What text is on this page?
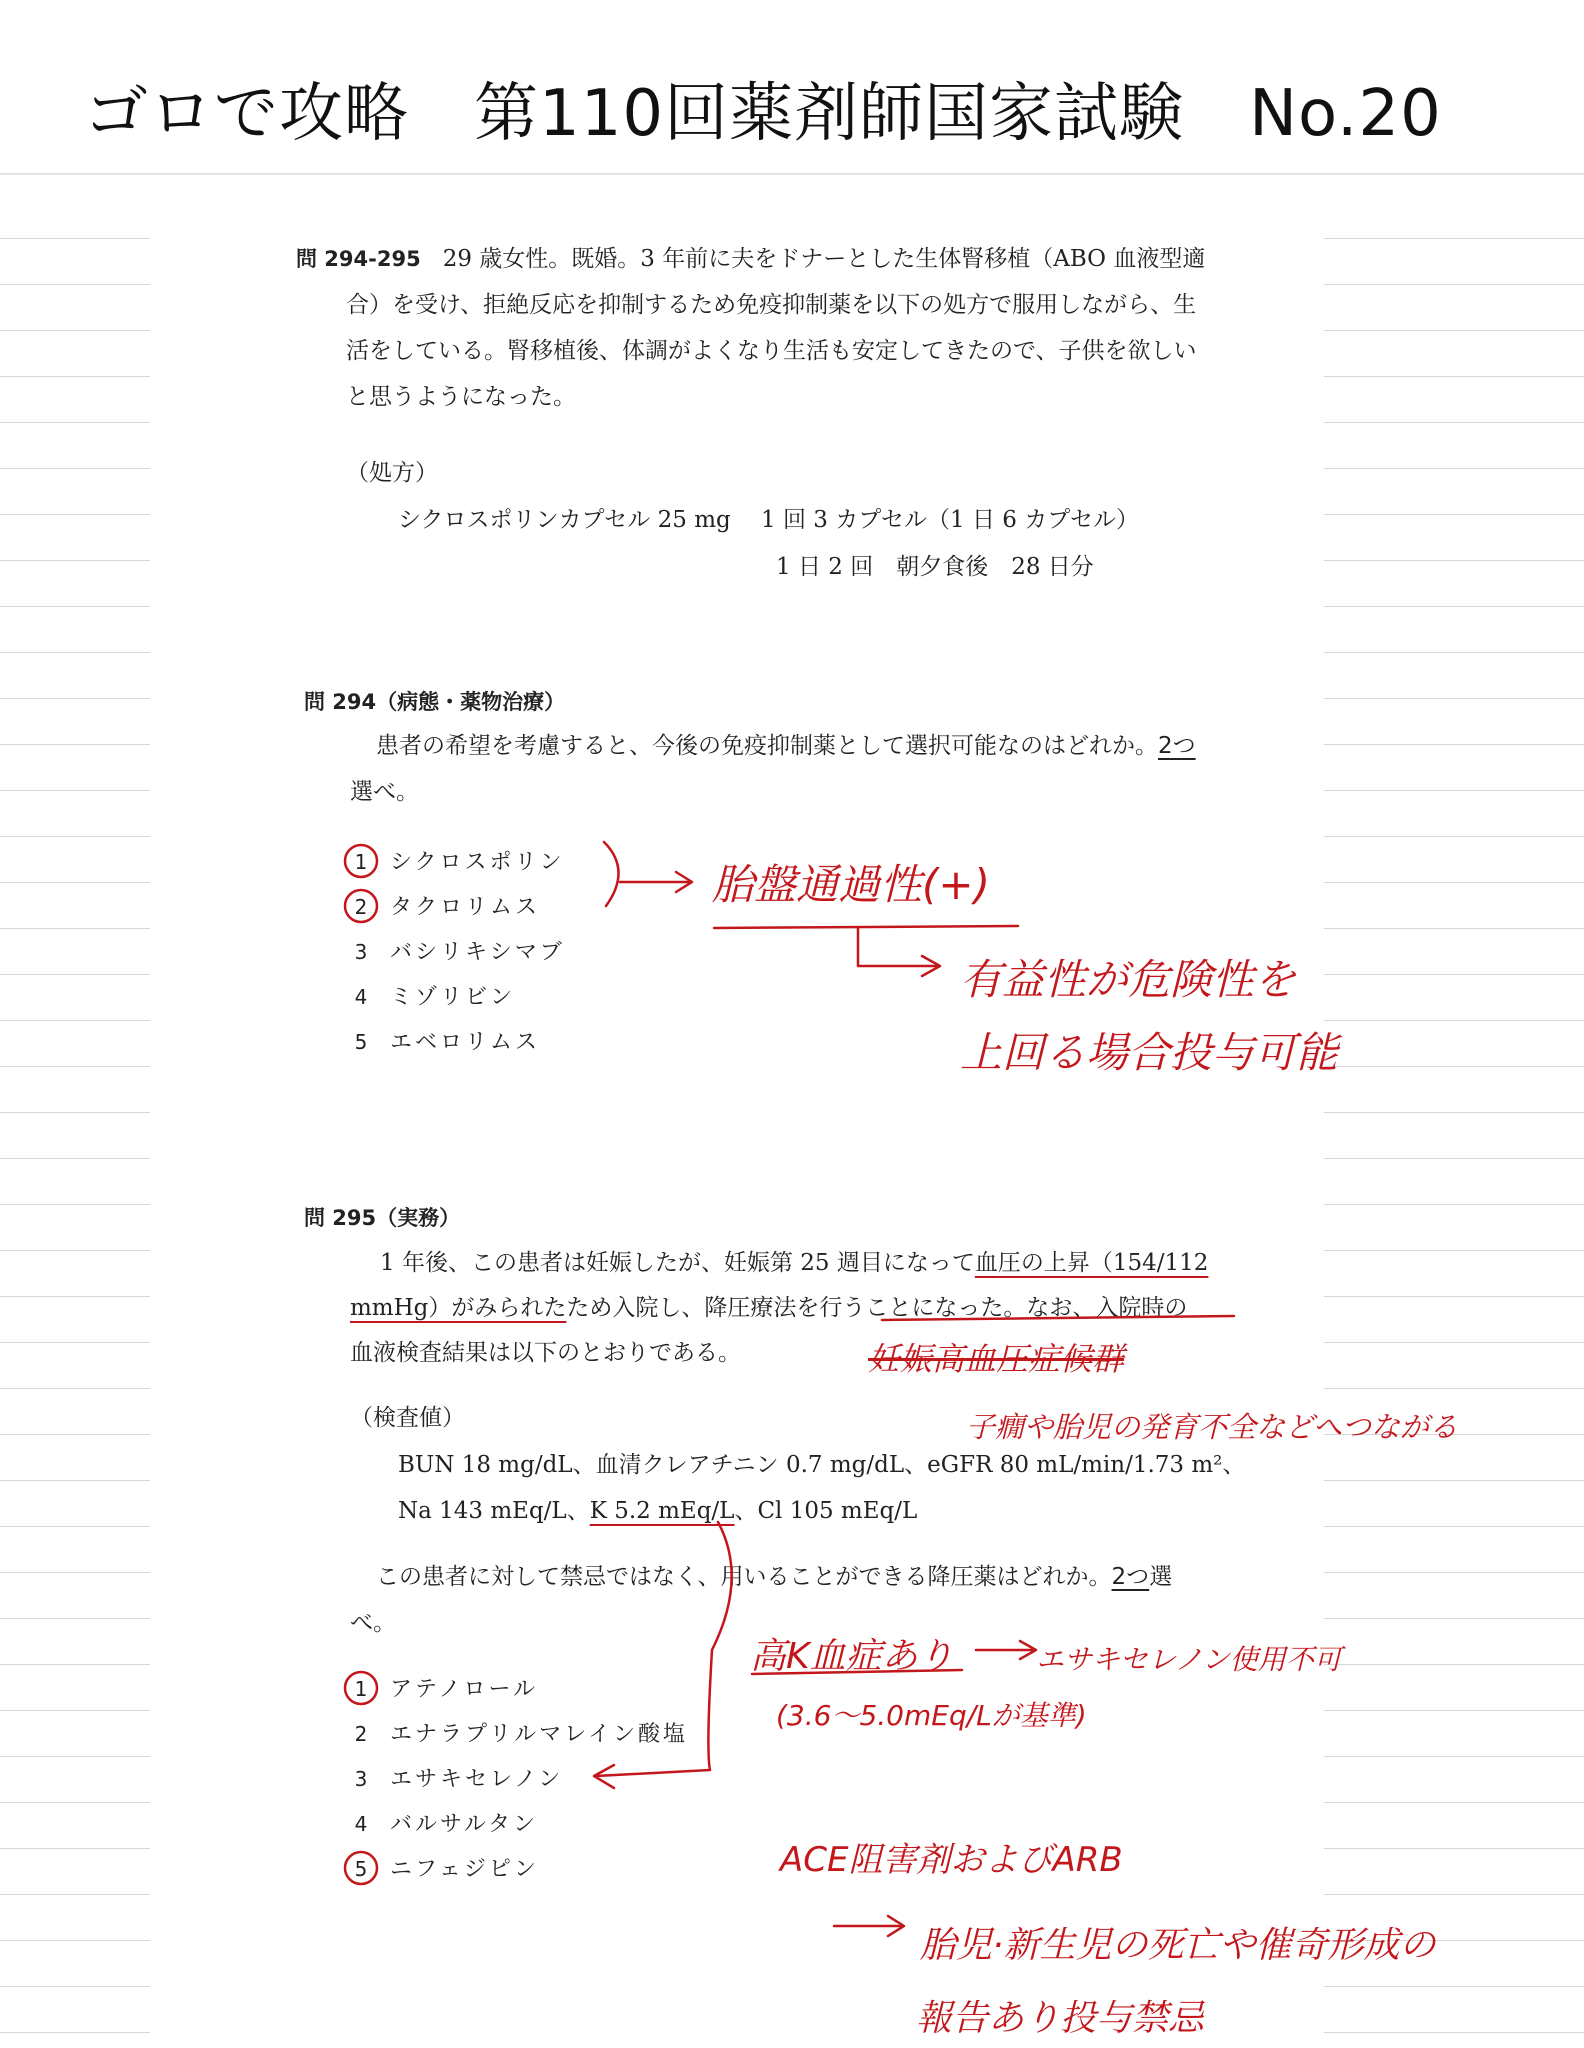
ゴロで攻略　第110回薬剤師国家試験　No.20
問 294-295 29 歳女性。既婚。3 年前に夫をドナーとした生体腎移植（ABO 血液型適
合）を受け、拒絶反応を抑制するため免疫抑制薬を以下の処方で服用しながら、生
活をしている。腎移植後、体調がよくなり生活も安定してきたので、子供を欲しい
と思うようになった。
（処方）
シクロスポリンカプセル 25 mg　 1 回 3 カプセル（1 日 6 カプセル）
1 日 2 回　朝夕食後　28 日分
問 294（病態・薬物治療）
患者の希望を考慮すると、今後の免疫抑制薬として選択可能なのはどれか。2つ
選べ。
1 シクロスポリン
2 タクロリムス
3 バシリキシマブ
4 ミゾリビン
5 エベロリムス
問 295（実務）
1 年後、この患者は妊娠したが、妊娠第 25 週目になって血圧の上昇（154/112
mmHg）がみられたため入院し、降圧療法を行うことになった。なお、入院時の
血液検査結果は以下のとおりである。
（検査値）
BUN 18 mg/dL、血清クレアチニン 0.7 mg/dL、eGFR 80 mL/min/1.73 m²、
Na 143 mEq/L、K 5.2 mEq/L、Cl 105 mEq/L
この患者に対して禁忌ではなく、用いることができる降圧薬はどれか。2つ選
べ。
1 アテノロール
2 エナラプリルマレイン酸塩
3 エサキセレノン
4 バルサルタン
5 ニフェジピン
胎盤通過性(+)
有益性が危険性を
上回る場合投与可能
妊娠高血圧症候群
子癇や胎児の発育不全などへつながる
高K血症あり	エサキセレノン使用不可
(3.6〜5.0mEq/Lが基準)
ACE阻害剤およびARB
胎児·新生児の死亡や催奇形成の
報告あり投与禁忌
